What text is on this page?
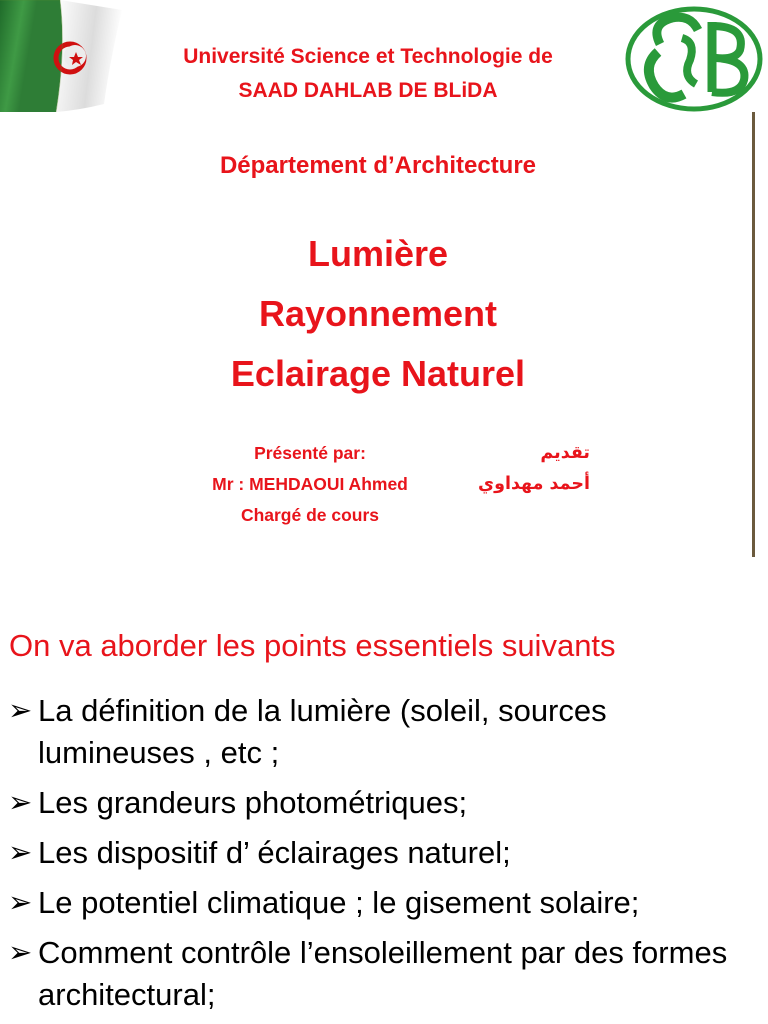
Université Science et Technologie de
SAAD DAHLAB DE BLiDA
Département d’Architecture
Lumière
Rayonnement
Eclairage Naturel
Présenté par:	تقديم
Mr : MEHDAOUI Ahmed	أحمد مهداوي
Chargé de cours
On va aborder les points essentiels suivants
➢ La définition de la lumière (soleil, sources lumineuses , etc ;
➢ Les grandeurs photométriques;
➢ Les dispositif d’ éclairages naturel;
➢ Le potentiel climatique ; le gisement solaire;
➢ Comment contrôle l’ensoleillement par des formes architectural;
